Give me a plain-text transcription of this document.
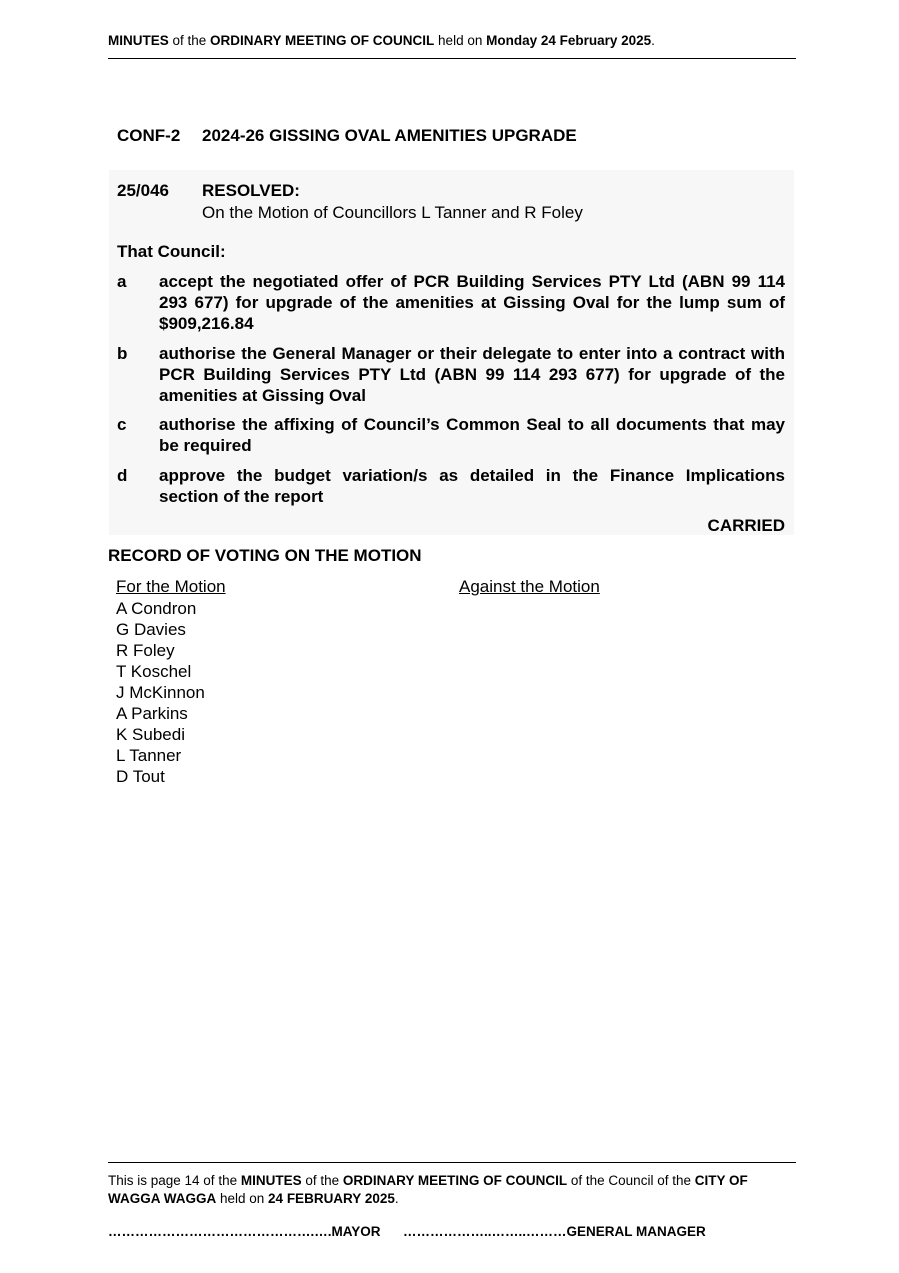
MINUTES of the ORDINARY MEETING OF COUNCIL held on Monday 24 February 2025.
CONF-2 2024-26 GISSING OVAL AMENITIES UPGRADE
25/046 RESOLVED:
On the Motion of Councillors L Tanner and R Foley
That Council:
a accept the negotiated offer of PCR Building Services PTY Ltd (ABN 99 114 293 677) for upgrade of the amenities at Gissing Oval for the lump sum of $909,216.84
b authorise the General Manager or their delegate to enter into a contract with PCR Building Services PTY Ltd (ABN 99 114 293 677) for upgrade of the amenities at Gissing Oval
c authorise the affixing of Council’s Common Seal to all documents that may be required
d approve the budget variation/s as detailed in the Finance Implications section of the report
CARRIED
RECORD OF VOTING ON THE MOTION
For the Motion	Against the Motion
A Condron
G Davies
R Foley
T Koschel
J McKinnon
A Parkins
K Subedi
L Tanner
D Tout
This is page 14 of the MINUTES of the ORDINARY MEETING OF COUNCIL of the Council of the CITY OF WAGGA WAGGA held on 24 FEBRUARY 2025.
……………………………………….….MAYOR ………………..……..………GENERAL MANAGER
